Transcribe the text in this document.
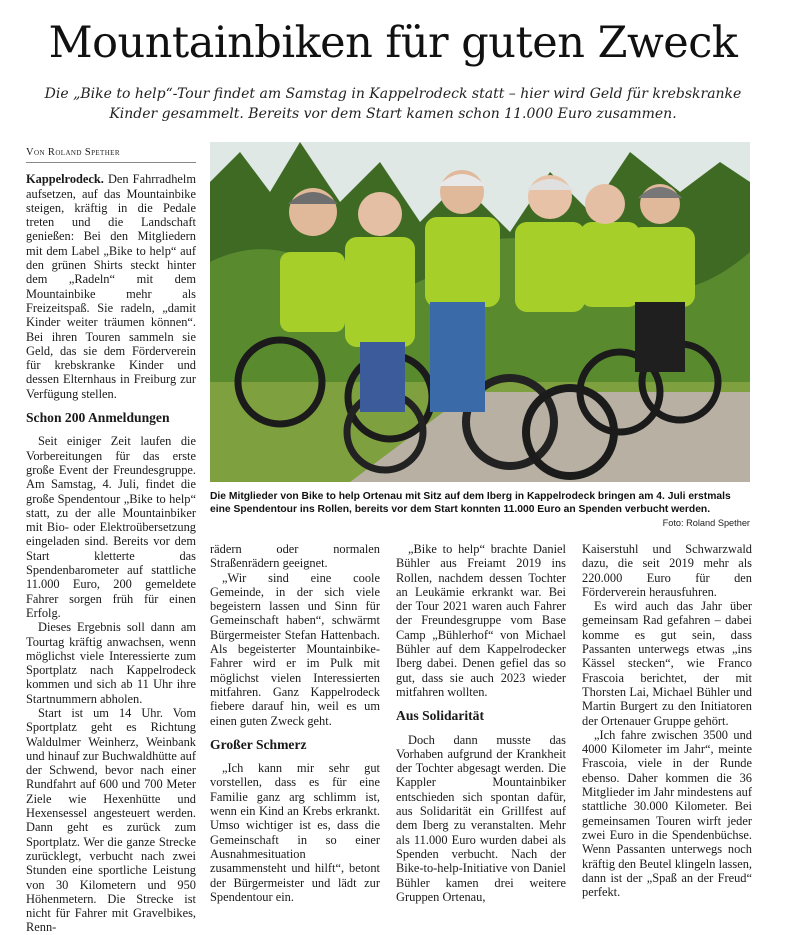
Mountainbiken für guten Zweck

Die „Bike to help“-Tour findet am Samstag in Kappelrodeck statt – hier wird Geld für krebskranke Kinder gesammelt. Bereits vor dem Start kamen schon 11.000 Euro zusammen.

Von Roland Spether

Kappelrodeck. Den Fahrradhelm aufsetzen, auf das Mountainbike steigen, kräftig in die Pedale treten und die Landschaft genießen: Bei den Mitgliedern mit dem Label „Bike to help“ auf den grünen Shirts steckt hinter dem „Radeln“ mit dem Mountainbike mehr als Freizeitspaß. Sie radeln, „damit Kinder weiter träumen können“. Bei ihren Touren sammeln sie Geld, das sie dem Förderverein für krebskranke Kinder und dessen Elternhaus in Freiburg zur Verfügung stellen.

Schon 200 Anmeldungen

Seit einiger Zeit laufen die Vorbereitungen für das erste große Event der Freundesgruppe. Am Samstag, 4. Juli, findet die große Spendentour „Bike to help“ statt, zu der alle Mountainbiker mit Bio- oder Elektroübersetzung eingeladen sind. Bereits vor dem Start kletterte das Spendenbarometer auf stattliche 11.000 Euro, 200 gemeldete Fahrer sorgen früh für einen Erfolg.

Dieses Ergebnis soll dann am Tourtag kräftig anwachsen, wenn möglichst viele Interessierte zum Sportplatz nach Kappelrodeck kommen und sich ab 11 Uhr ihre Startnummern abholen.

Start ist um 14 Uhr. Vom Sportplatz geht es Richtung Waldulmer Weinherz, Weinbank und hinauf zur Buchwaldhütte auf der Schwend, bevor nach einer Rundfahrt auf 600 und 700 Meter Ziele wie Hexenhütte und Hexensessel angesteuert werden. Dann geht es zurück zum Sportplatz. Wer die ganze Strecke zurücklegt, verbucht nach zwei Stunden eine sportliche Leistung von 30 Kilometern und 950 Höhenmetern. Die Strecke ist nicht für Fahrer mit Gravelbikes, Renn-

Die Mitglieder von Bike to help Ortenau mit Sitz auf dem Iberg in Kappelrodeck bringen am 4. Juli erstmals eine Spendentour ins Rollen, bereits vor dem Start konnten 11.000 Euro an Spenden verbucht werden.
Foto: Roland Spether

rädern oder normalen Straßenrädern geeignet.

„Wir sind eine coole Gemeinde, in der sich viele begeistern lassen und Sinn für Gemeinschaft haben“, schwärmt Bürgermeister Stefan Hattenbach. Als begeisterter Mountainbike-Fahrer wird er im Pulk mit möglichst vielen Interessierten mitfahren. Ganz Kappelrodeck fiebere darauf hin, weil es um einen guten Zweck geht.

Großer Schmerz

„Ich kann mir sehr gut vorstellen, dass es für eine Familie ganz arg schlimm ist, wenn ein Kind an Krebs erkrankt. Umso wichtiger ist es, dass die Gemeinschaft in so einer Ausnahmesituation zusammensteht und hilft“, betont der Bürgermeister und lädt zur Spendentour ein.

„Bike to help“ brachte Daniel Bühler aus Freiamt 2019 ins Rollen, nachdem dessen Tochter an Leukämie erkrankt war. Bei der Tour 2021 waren auch Fahrer der Freundesgruppe vom Base Camp „Bühlerhof“ von Michael Bühler auf dem Kappelrodecker Iberg dabei. Denen gefiel das so gut, dass sie auch 2023 wieder mitfahren wollten.

Aus Solidarität

Doch dann musste das Vorhaben aufgrund der Krankheit der Tochter abgesagt werden. Die Kappler Mountainbiker entschieden sich spontan dafür, aus Solidarität ein Grillfest auf dem Iberg zu veranstalten. Mehr als 11.000 Euro wurden dabei als Spenden verbucht. Nach der Bike-to-help-Initiative von Daniel Bühler kamen drei weitere Gruppen Ortenau,

Kaiserstuhl und Schwarzwald dazu, die seit 2019 mehr als 220.000 Euro für den Förderverein herausfuhren.

Es wird auch das Jahr über gemeinsam Rad gefahren – dabei komme es gut sein, dass Passanten unterwegs etwas „ins Kässel stecken“, wie Franco Frascoia berichtet, der mit Thorsten Lai, Michael Bühler und Martin Burgert zu den Initiatoren der Ortenauer Gruppe gehört.

„Ich fahre zwischen 3500 und 4000 Kilometer im Jahr“, meinte Frascoia, viele in der Runde ebenso. Daher kommen die 36 Mitglieder im Jahr mindestens auf stattliche 30.000 Kilometer. Bei gemeinsamen Touren wirft jeder zwei Euro in die Spendenbüchse. Wenn Passanten unterwegs noch kräftig den Beutel klingeln lassen, dann ist der „Spaß an der Freud“ perfekt.
